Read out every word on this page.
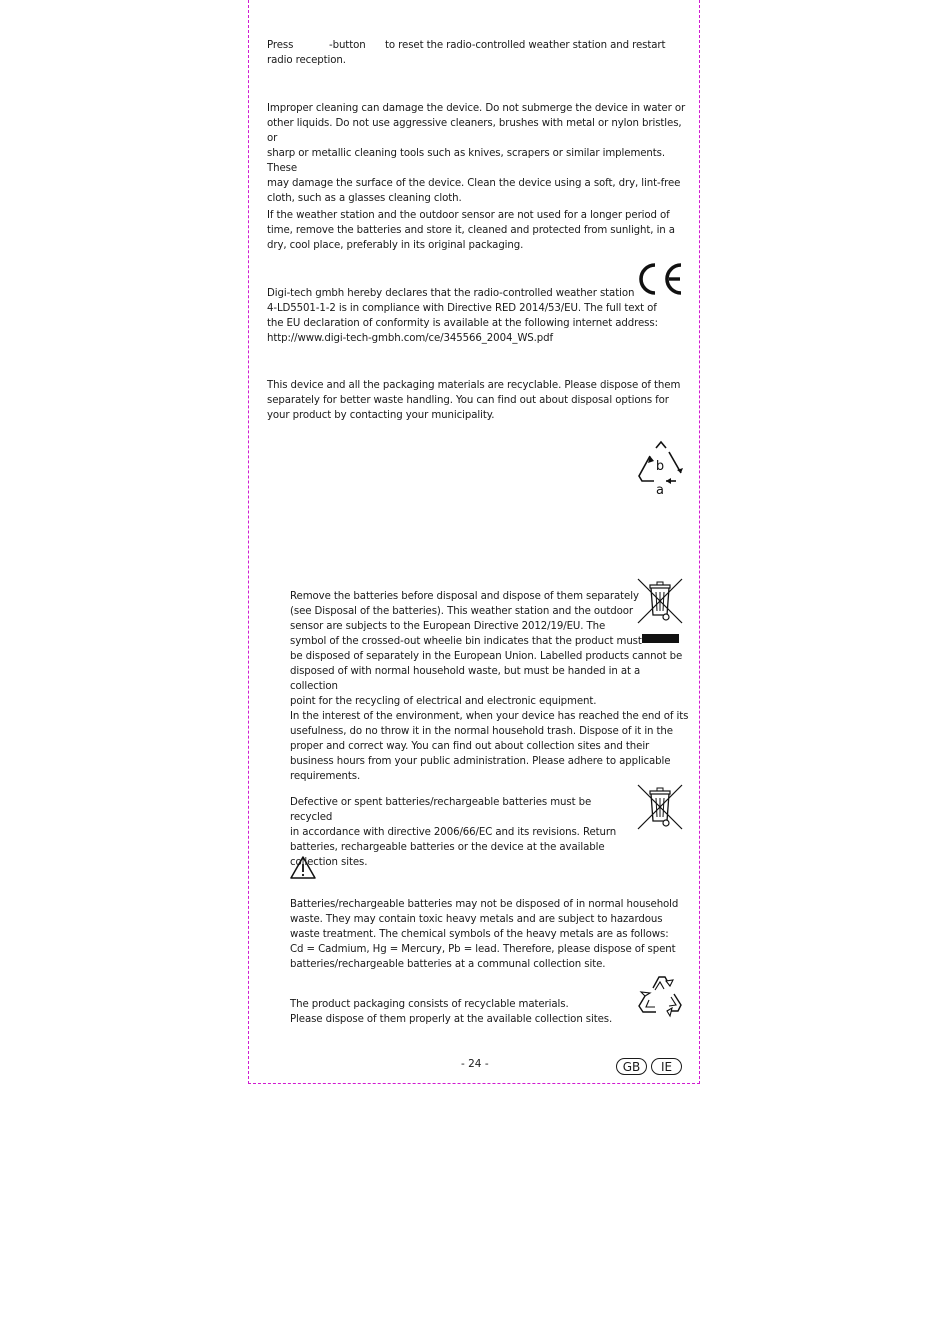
Press	-button to reset the radio-controlled weather station and restart

radio reception.

Improper cleaning can damage the device. Do not submerge the device in water or
other liquids. Do not use aggressive cleaners, brushes with metal or nylon bristles, or
sharp or metallic cleaning tools such as knives, scrapers or similar implements. These
may damage the surface of the device. Clean the device using a soft, dry, lint-free
cloth, such as a glasses cleaning cloth.
If the weather station and the outdoor sensor are not used for a longer period of
time, remove the batteries and store it, cleaned and protected from sunlight, in a
dry, cool place, preferably in its original packaging.
Digi-tech gmbh hereby declares that the radio-controlled weather station
4-LD5501-1-2 is in compliance with Directive RED 2014/53/EU. The full text of
the EU declaration of conformity is available at the following internet address:
http://www.digi-tech-gmbh.com/ce/345566_2004_WS.pdf
This device and all the packaging materials are recyclable. Please dispose of them
separately for better waste handling. You can find out about disposal options for
your product by contacting your municipality.
b
a
Remove the batteries before disposal and dispose of them separately
(see Disposal of the batteries). This weather station and the outdoor
sensor are subjects to the European Directive 2012/19/EU. The
symbol of the crossed-out wheelie bin indicates that the product must
be disposed of separately in the European Union. Labelled products cannot be
disposed of with normal household waste, but must be handed in at a collection
point for the recycling of electrical and electronic equipment.
In the interest of the environment, when your device has reached the end of its
usefulness, do no throw it in the normal household trash. Dispose of it in the
proper and correct way. You can find out about collection sites and their
business hours from your public administration. Please adhere to applicable
requirements.
Defective or spent batteries/rechargeable batteries must be recycled
in accordance with directive 2006/66/EC and its revisions. Return
batteries, rechargeable batteries or the device at the available
collection sites.
Batteries/rechargeable batteries may not be disposed of in normal household
waste. They may contain toxic heavy metals and are subject to hazardous
waste treatment. The chemical symbols of the heavy metals are as follows:
Cd = Cadmium, Hg = Mercury, Pb = lead. Therefore, please dispose of spent
batteries/rechargeable batteries at a communal collection site.
The product packaging consists of recyclable materials.
Please dispose of them properly at the available collection sites.
- 24 -	GB	IE
